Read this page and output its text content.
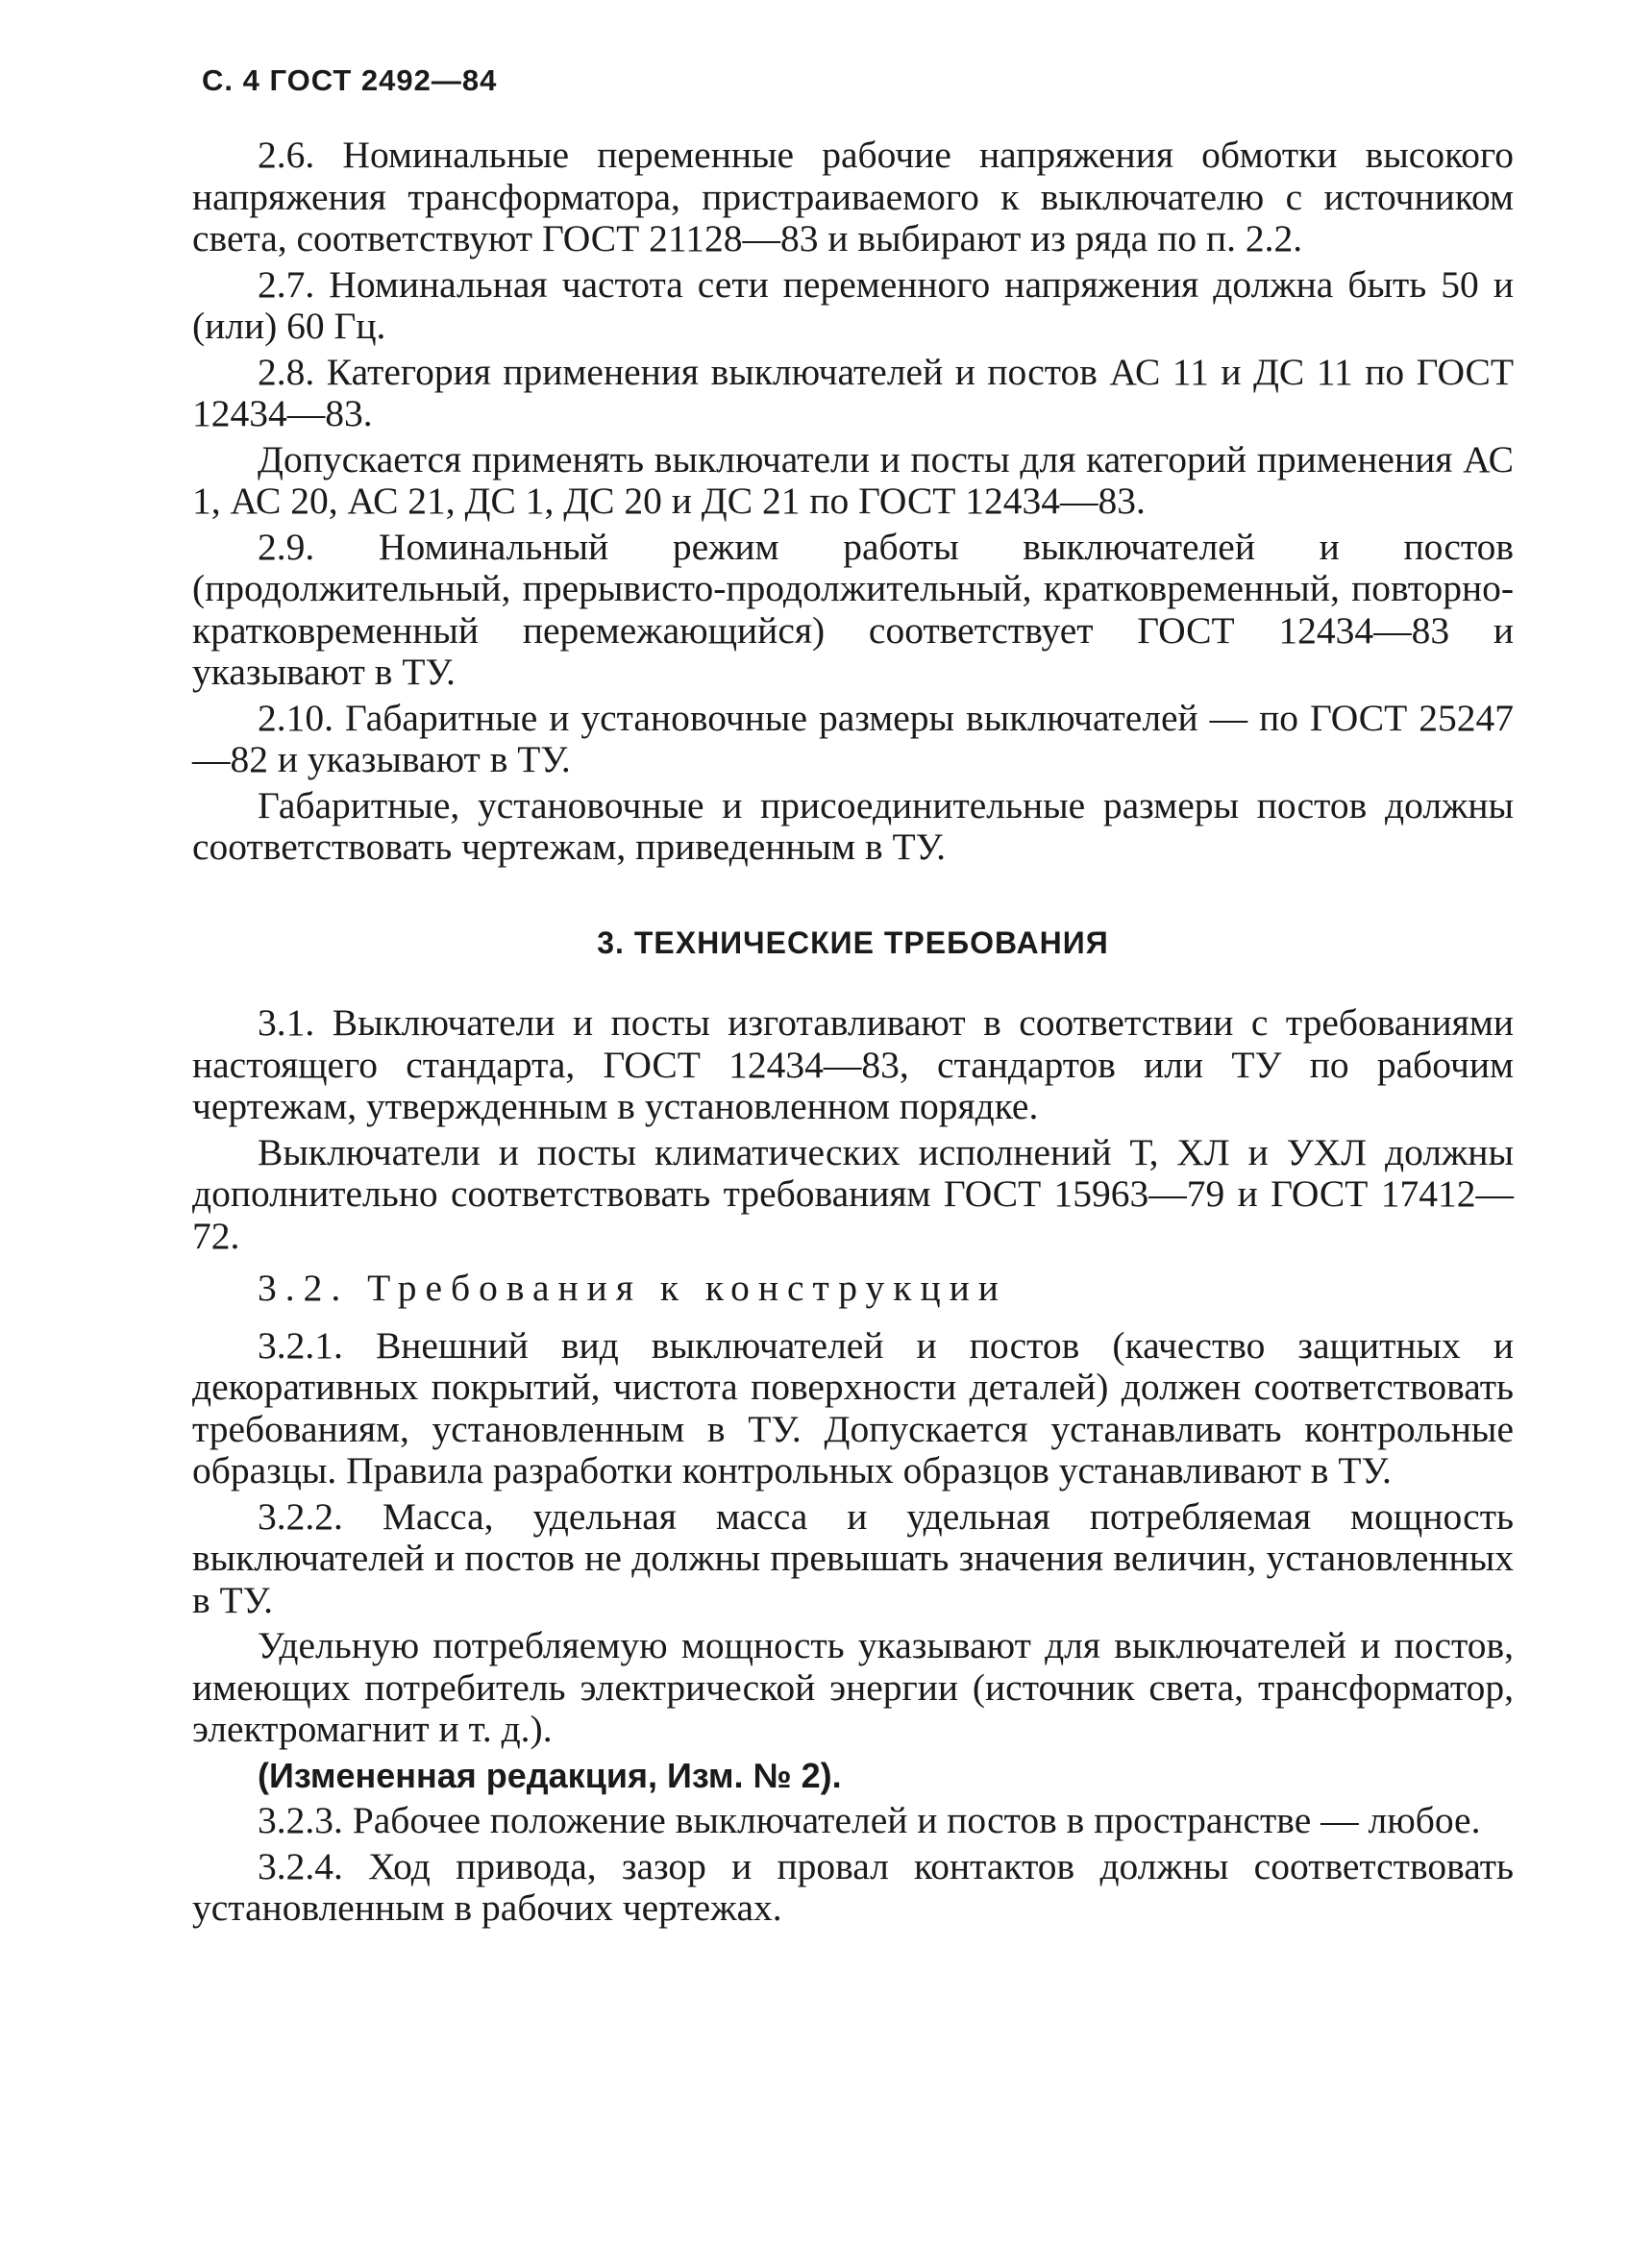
С. 4 ГОСТ 2492—84

2.6. Номинальные переменные рабочие напряжения обмотки высокого напряжения трансформатора, пристраиваемого к выключателю с источником света, соответствуют ГОСТ 21128—83 и выбирают из ряда по п. 2.2.

2.7. Номинальная частота сети переменного напряжения должна быть 50 и (или) 60 Гц.

2.8. Категория применения выключателей и постов АС 11 и ДС 11 по ГОСТ 12434—83.

Допускается применять выключатели и посты для категорий применения АС 1, АС 20, АС 21, ДС 1, ДС 20 и ДС 21 по ГОСТ 12434—83.

2.9. Номинальный режим работы выключателей и постов (продолжительный, прерывисто-продолжительный, кратковременный, повторно-кратковременный перемежающийся) соответствует ГОСТ 12434—83 и указывают в ТУ.

2.10. Габаритные и установочные размеры выключателей — по ГОСТ 25247—82 и указывают в ТУ.

Габаритные, установочные и присоединительные размеры постов должны соответствовать чертежам, приведенным в ТУ.

3. ТЕХНИЧЕСКИЕ ТРЕБОВАНИЯ

3.1. Выключатели и посты изготавливают в соответствии с требованиями настоящего стандарта, ГОСТ 12434—83, стандартов или ТУ по рабочим чертежам, утвержденным в установленном порядке.

Выключатели и посты климатических исполнений Т, ХЛ и УХЛ должны дополнительно соответствовать требованиям ГОСТ 15963—79 и ГОСТ 17412—72.

3.2. Требования к конструкции

3.2.1. Внешний вид выключателей и постов (качество защитных и декоративных покрытий, чистота поверхности деталей) должен соответствовать требованиям, установленным в ТУ. Допускается устанавливать контрольные образцы. Правила разработки контрольных образцов устанавливают в ТУ.

3.2.2. Масса, удельная масса и удельная потребляемая мощность выключателей и постов не должны превышать значения величин, установленных в ТУ.

Удельную потребляемую мощность указывают для выключателей и постов, имеющих потребитель электрической энергии (источник света, трансформатор, электромагнит и т. д.).

(Измененная редакция, Изм. № 2).

3.2.3. Рабочее положение выключателей и постов в пространстве — любое.

3.2.4. Ход привода, зазор и провал контактов должны соответствовать установленным в рабочих чертежах.
